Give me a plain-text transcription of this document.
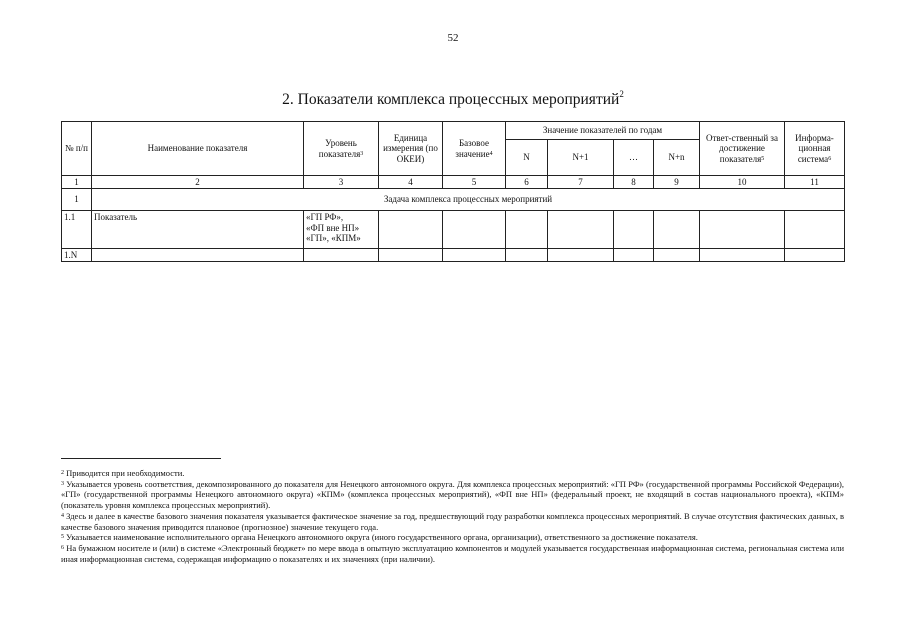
52
2. Показатели комплекса процессных мероприятий$^2$
№ п/п	Наименование показателя	Уровень показателя$^3$	Единица измерения (по ОКЕИ)	Базовое значение$^4$	Значение показателей по годам				Ответ-ственный за достижение показателя$^5$	Информа-ционная система$^6$
					N	N+1	…	N+n		
1	2	3	4	5	6	7	8	9	10	11
1	Задача комплекса процессных мероприятий									
1.1	Показатель	«ГП РФ»,
«ФП вне НП»
«ГП», «КПМ»								

1.N										

$^2$ Приводится при необходимости.

$^3$ Указывается уровень соответствия, декомпозированного до показателя для Ненецкого автономного округа. Для комплекса процессных мероприятий: «ГП РФ» (государственной программы Российской Федерации), «ГП» (государственной программы Ненецкого автономного округа) «КПМ» (комплекса процессных мероприятий), «ФП вне НП» (федеральный проект, не входящий в состав национального проекта), «КПМ» (показатель уровня комплекса процессных мероприятий).

$^4$ Здесь и далее в качестве базового значения показателя указывается фактическое значение за год, предшествующий году разработки комплекса процессных мероприятий. В случае отсутствия фактических данных, в качестве базового значения приводится плановое (прогнозное) значение текущего года.

$^5$ Указывается наименование исполнительного органа Ненецкого автономного округа (иного государственного органа, организации), ответственного за достижение показателя.

$^6$ На бумажном носителе и (или) в системе «Электронный бюджет» по мере ввода в опытную эксплуатацию компонентов и модулей указывается государственная информационная система, региональная система или иная информационная система, содержащая информацию о показателях и их значениях (при наличии).
